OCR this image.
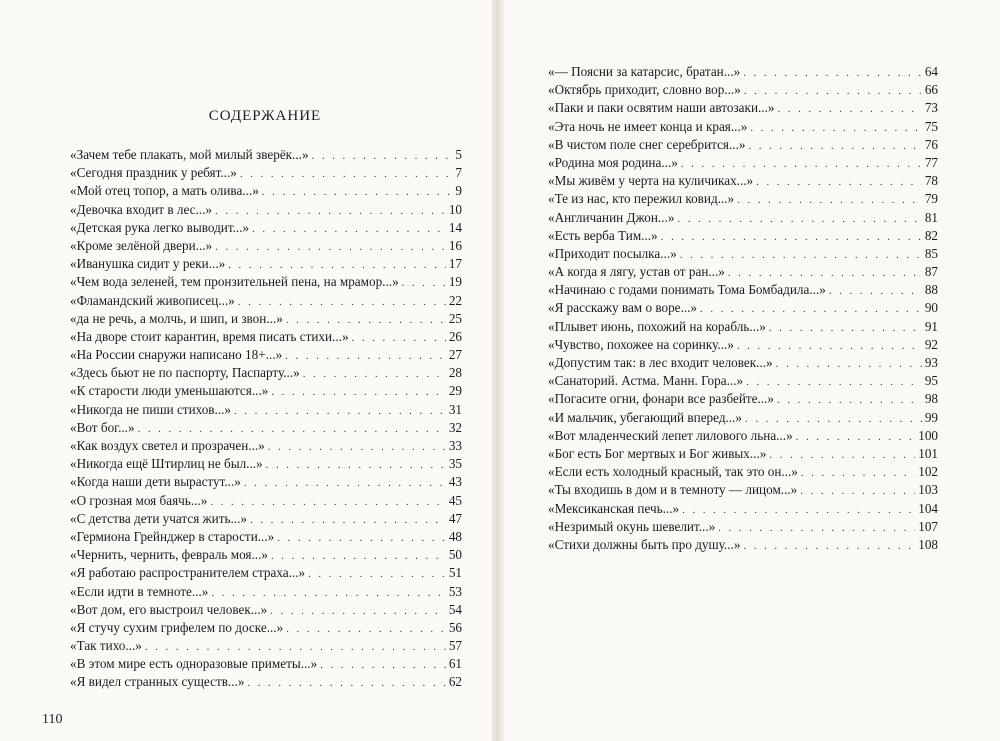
СОДЕРЖАНИЕ
«Зачем тебе плакать, мой милый зверёк...» . . .	5
«Сегодня праздник у ребят...» . . .	7
«Мой отец топор, а мать олива...» . . .	9
«Девочка входит в лес...» . . .	10
«Детская рука легко выводит...» . . .	14
«Кроме зелёной двери...» . . .	16
«Иванушка сидит у реки...» . . .	17
«Чем вода зеленей, тем пронзительней пена, на мрамор...» . . .	19
«Фламандский живописец...» . . .	22
«да не речь, а молчь, и шип, и звон...» . . .	25
«На дворе стоит карантин, время писать стихи...» . . .	26
«На России снаружи написано 18+...» . . .	27
«Здесь бьют не по паспорту, Паспарту...» . . .	28
«К старости люди уменьшаются...» . . .	29
«Никогда не пиши стихов...» . . .	31
«Вот бог...» . . .	32
«Как воздух светел и прозрачен...» . . .	33
«Никогда ещё Штирлиц не был...» . . .	35
«Когда наши дети вырастут...» . . .	43
«О грозная моя баячь...» . . .	45
«С детства дети учатся жить...» . . .	47
«Гермиона Грейнджер в старости...» . . .	48
«Чернить, чернить, февраль моя...» . . .	50
«Я работаю распространителем страха...» . . .	51
«Если идти в темноте...» . . .	53
«Вот дом, его выстроил человек...» . . .	54
«Я стучу сухим грифелем по доске...» . . .	56
«Так тихо...» . . .	57
«В этом мире есть одноразовые приметы...» . . .	61
«Я видел странных существ...» . . .	62
110
«— Поясни за катарсис, братан...» . . .	64
«Октябрь приходит, словно вор...» . . .	66
«Паки и паки освятим наши автозаки...» . . .	73
«Эта ночь не имеет конца и края...» . . .	75
«В чистом поле снег серебрится...» . . .	76
«Родина моя родина...» . . .	77
«Мы живём у черта на куличиках...» . . .	78
«Те из нас, кто пережил ковид...» . . .	79
«Англичанин Джон...» . . .	81
«Есть верба Тим...» . . .	82
«Приходит посылка...» . . .	85
«А когда я лягу, устав от ран...» . . .	87
«Начинаю с годами понимать Тома Бомбадила...» . . .	88
«Я расскажу вам о воре...» . . .	90
«Плывет июнь, похожий на корабль...» . . .	91
«Чувство, похожее на соринку...» . . .	92
«Допустим так: в лес входит человек...» . . .	93
«Санаторий. Астма. Манн. Гора...» . . .	95
«Погасите огни, фонари все разбейте...» . . .	98
«И мальчик, убегающий вперед...» . . .	99
«Вот младенческий лепет лилового льна...» . . .	100
«Бог есть Бог мертвых и Бог живых...» . . .	101
«Если есть холодный красный, так это он...» . . .	102
«Ты входишь в дом и в темноту — лицом...» . . .	103
«Мексиканская печь...» . . .	104
«Незримый окунь шевелит...» . . .	107
«Стихи должны быть про душу...» . . .	108
